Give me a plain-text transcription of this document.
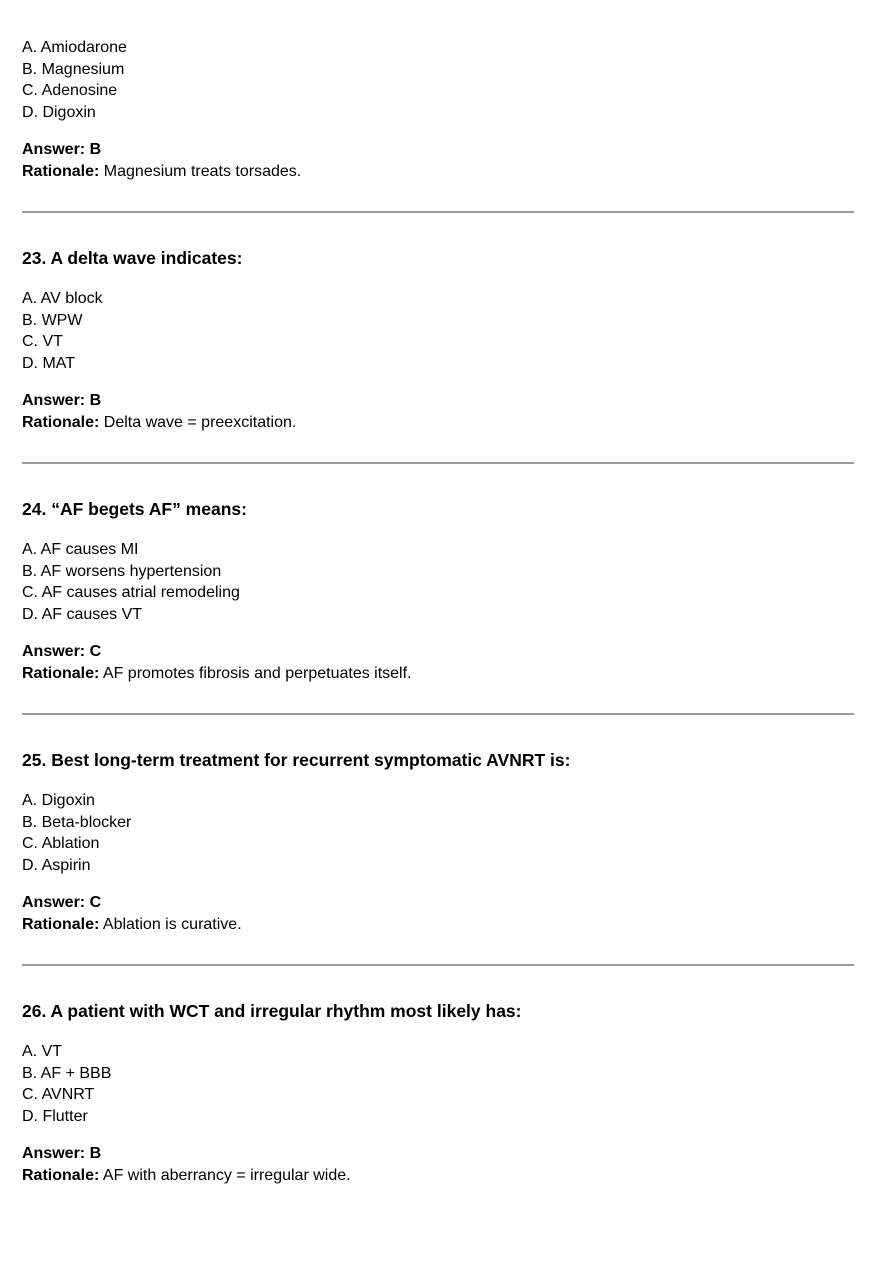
A. Amiodarone
B. Magnesium
C. Adenosine
D. Digoxin

Answer: B
Rationale: Magnesium treats torsades.

23. A delta wave indicates:

A. AV block
B. WPW
C. VT
D. MAT

Answer: B
Rationale: Delta wave = preexcitation.

24. “AF begets AF” means:

A. AF causes MI
B. AF worsens hypertension
C. AF causes atrial remodeling
D. AF causes VT

Answer: C
Rationale: AF promotes fibrosis and perpetuates itself.

25. Best long-term treatment for recurrent symptomatic AVNRT is:

A. Digoxin
B. Beta-blocker
C. Ablation
D. Aspirin

Answer: C
Rationale: Ablation is curative.

26. A patient with WCT and irregular rhythm most likely has:

A. VT
B. AF + BBB
C. AVNRT
D. Flutter

Answer: B
Rationale: AF with aberrancy = irregular wide.
